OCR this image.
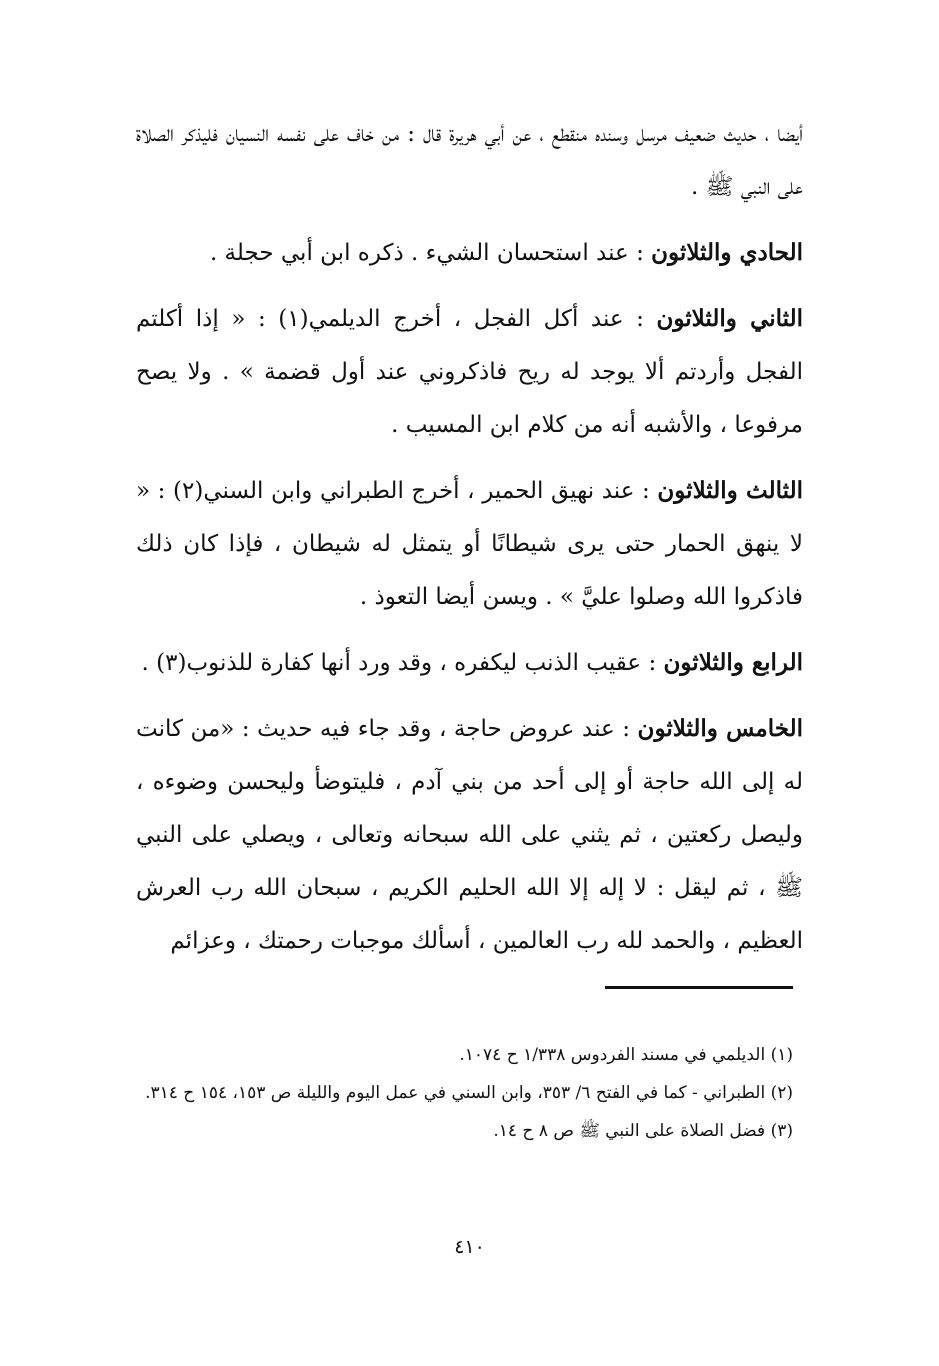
أيضا ، حديث ضعيف مرسل وسنده منقطع ، عن أبي هريرة قال : من خاف على نفسه النسيان فليذكر الصلاة على النبي ﷺ .

الحادي والثلاثون : عند استحسان الشيء . ذكره ابن أبي حجلة .

الثاني والثلاثون : عند أكل الفجل ، أخرج الديلمي(١) : « إذا أكلتم الفجل وأردتم ألا يوجد له ريح فاذكروني عند أول قضمة » . ولا يصح مرفوعا ، والأشبه أنه من كلام ابن المسيب .

الثالث والثلاثون : عند نهيق الحمير ، أخرج الطبراني وابن السني(٢) : « لا ينهق الحمار حتى يرى شيطانًا أو يتمثل له شيطان ، فإذا كان ذلك فاذكروا الله وصلوا عليَّ » . ويسن أيضا التعوذ .

الرابع والثلاثون : عقيب الذنب ليكفره ، وقد ورد أنها كفارة للذنوب(٣) .

الخامس والثلاثون : عند عروض حاجة ، وقد جاء فيه حديث : «من كانت له إلى الله حاجة أو إلى أحد من بني آدم ، فليتوضأ وليحسن وضوءه ، وليصل ركعتين ، ثم يثني على الله سبحانه وتعالى ، ويصلي على النبي ﷺ ، ثم ليقل : لا إله إلا الله الحليم الكريم ، سبحان الله رب العرش العظيم ، والحمد لله رب العالمين ، أسألك موجبات رحمتك ، وعزائم

(١) الديلمي في مسند الفردوس ١/٣٣٨ ح ١٠٧٤.

(٢) الطبراني - كما في الفتح ٦/ ٣٥٣، وابن السني في عمل اليوم والليلة ص ١٥٣، ١٥٤ ح ٣١٤.

(٣) فضل الصلاة على النبي ﷺ ص ٨ ح ١٤.

٤١٠
